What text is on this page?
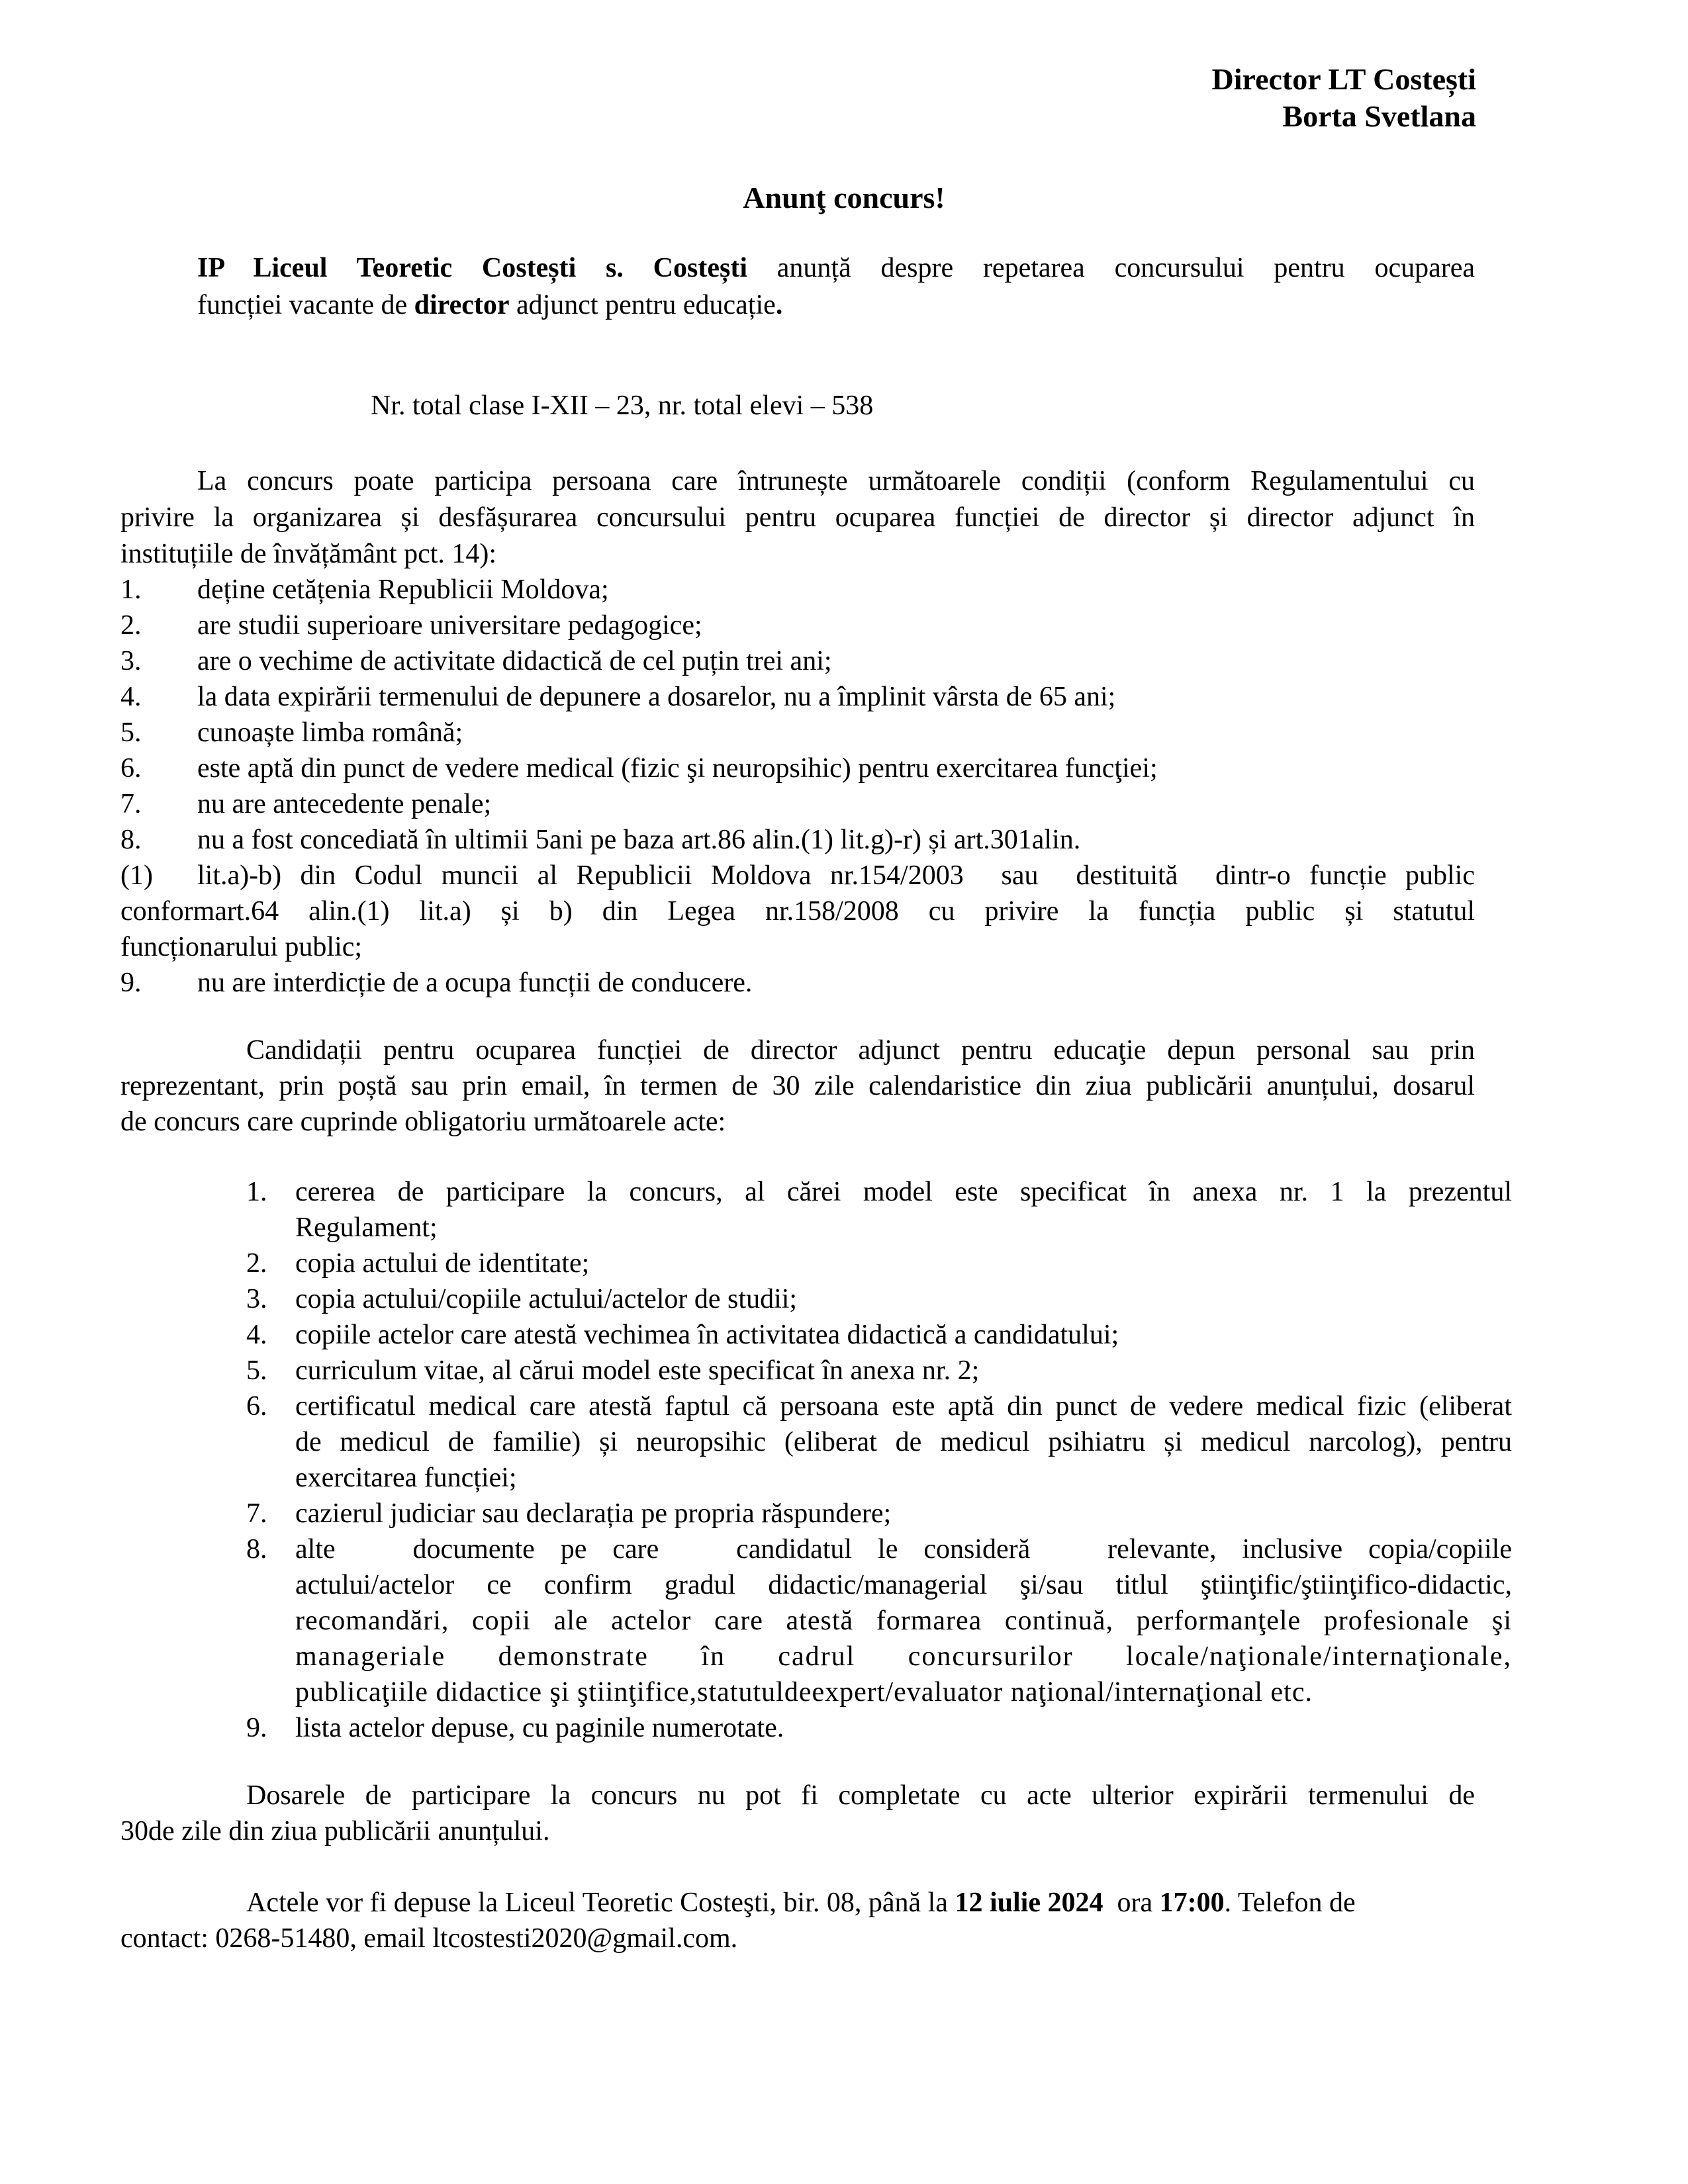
Director LT Costești
Borta Svetlana
Anunţ concurs!
IP Liceul Teoretic Costești s. Costești anunță despre repetarea concursului pentru ocuparea
funcției vacante de director adjunct pentru educație.
Nr. total clase I-XII – 23, nr. total elevi – 538
La concurs poate participa persoana care întrunește următoarele condiții (conform Regulamentului cu
privire la organizarea și desfășurarea concursului pentru ocuparea funcției de director și director adjunct în
instituțiile de învățământ pct. 14):
1. deține cetățenia Republicii Moldova;
2. are studii superioare universitare pedagogice;
3. are o vechime de activitate didactică de cel puțin trei ani;
4. la data expirării termenului de depunere a dosarelor, nu a împlinit vârsta de 65 ani;
5. cunoaște limba română;
6. este aptă din punct de vedere medical (fizic şi neuropsihic) pentru exercitarea funcţiei;
7. nu are antecedente penale;
8. nu a fost concediată în ultimii 5ani pe baza art.86 alin.(1) lit.g)-r) și art.301alin.
(1) lit.a)-b) din Codul muncii al Republicii Moldova nr.154/2003  sau  destituită  dintr-o funcție public
conformart.64  alin.(1)  lit.a)  și  b)  din  Legea  nr.158/2008  cu  privire  la  funcția  public  și  statutul
funcționarului public;
9. nu are interdicție de a ocupa funcții de conducere.
Candidații pentru ocuparea funcției de director adjunct pentru educaţie depun personal sau prin
reprezentant, prin poștă sau prin email, în termen de 30 zile calendaristice din ziua publicării anunțului, dosarul
de concurs care cuprinde obligatoriu următoarele acte:
1. cererea de participare la concurs, al cărei model este specificat în anexa nr. 1 la prezentul
Regulament;
2. copia actului de identitate;
3. copia actului/copiile actului/actelor de studii;
4. copiile actelor care atestă vechimea în activitatea didactică a candidatului;
5. curriculum vitae, al cărui model este specificat în anexa nr. 2;
6. certificatul medical care atestă faptul că persoana este aptă din punct de vedere medical fizic (eliberat
de medicul de familie) și neuropsihic (eliberat de medicul psihiatru și medicul narcolog), pentru
exercitarea funcției;
7. cazierul judiciar sau declarația pe propria răspundere;
8. alte   documente pe care   candidatul le consideră   relevante, inclusive copia/copiile
actului/actelor ce confirm gradul didactic/managerial şi/sau titlul ştiinţific/ştiinţifico-didactic,
recomandări, copii ale actelor care atestă formarea continuă, performanţele profesionale şi
manageriale   demonstrate   în   cadrul   concursurilor   locale/naţionale/internaţionale,
publicaţiile didactice şi ştiinţifice,statutuldeexpert/evaluator naţional/internaţional etc.
9. lista actelor depuse, cu paginile numerotate.
Dosarele de participare la concurs nu pot fi completate cu acte ulterior expirării termenului de
30de zile din ziua publicării anunțului.
Actele vor fi depuse la Liceul Teoretic Costeşti, bir. 08, până la 12 iulie 2024  ora 17:00. Telefon de
contact: 0268-51480, email ltcostesti2020@gmail.com.
